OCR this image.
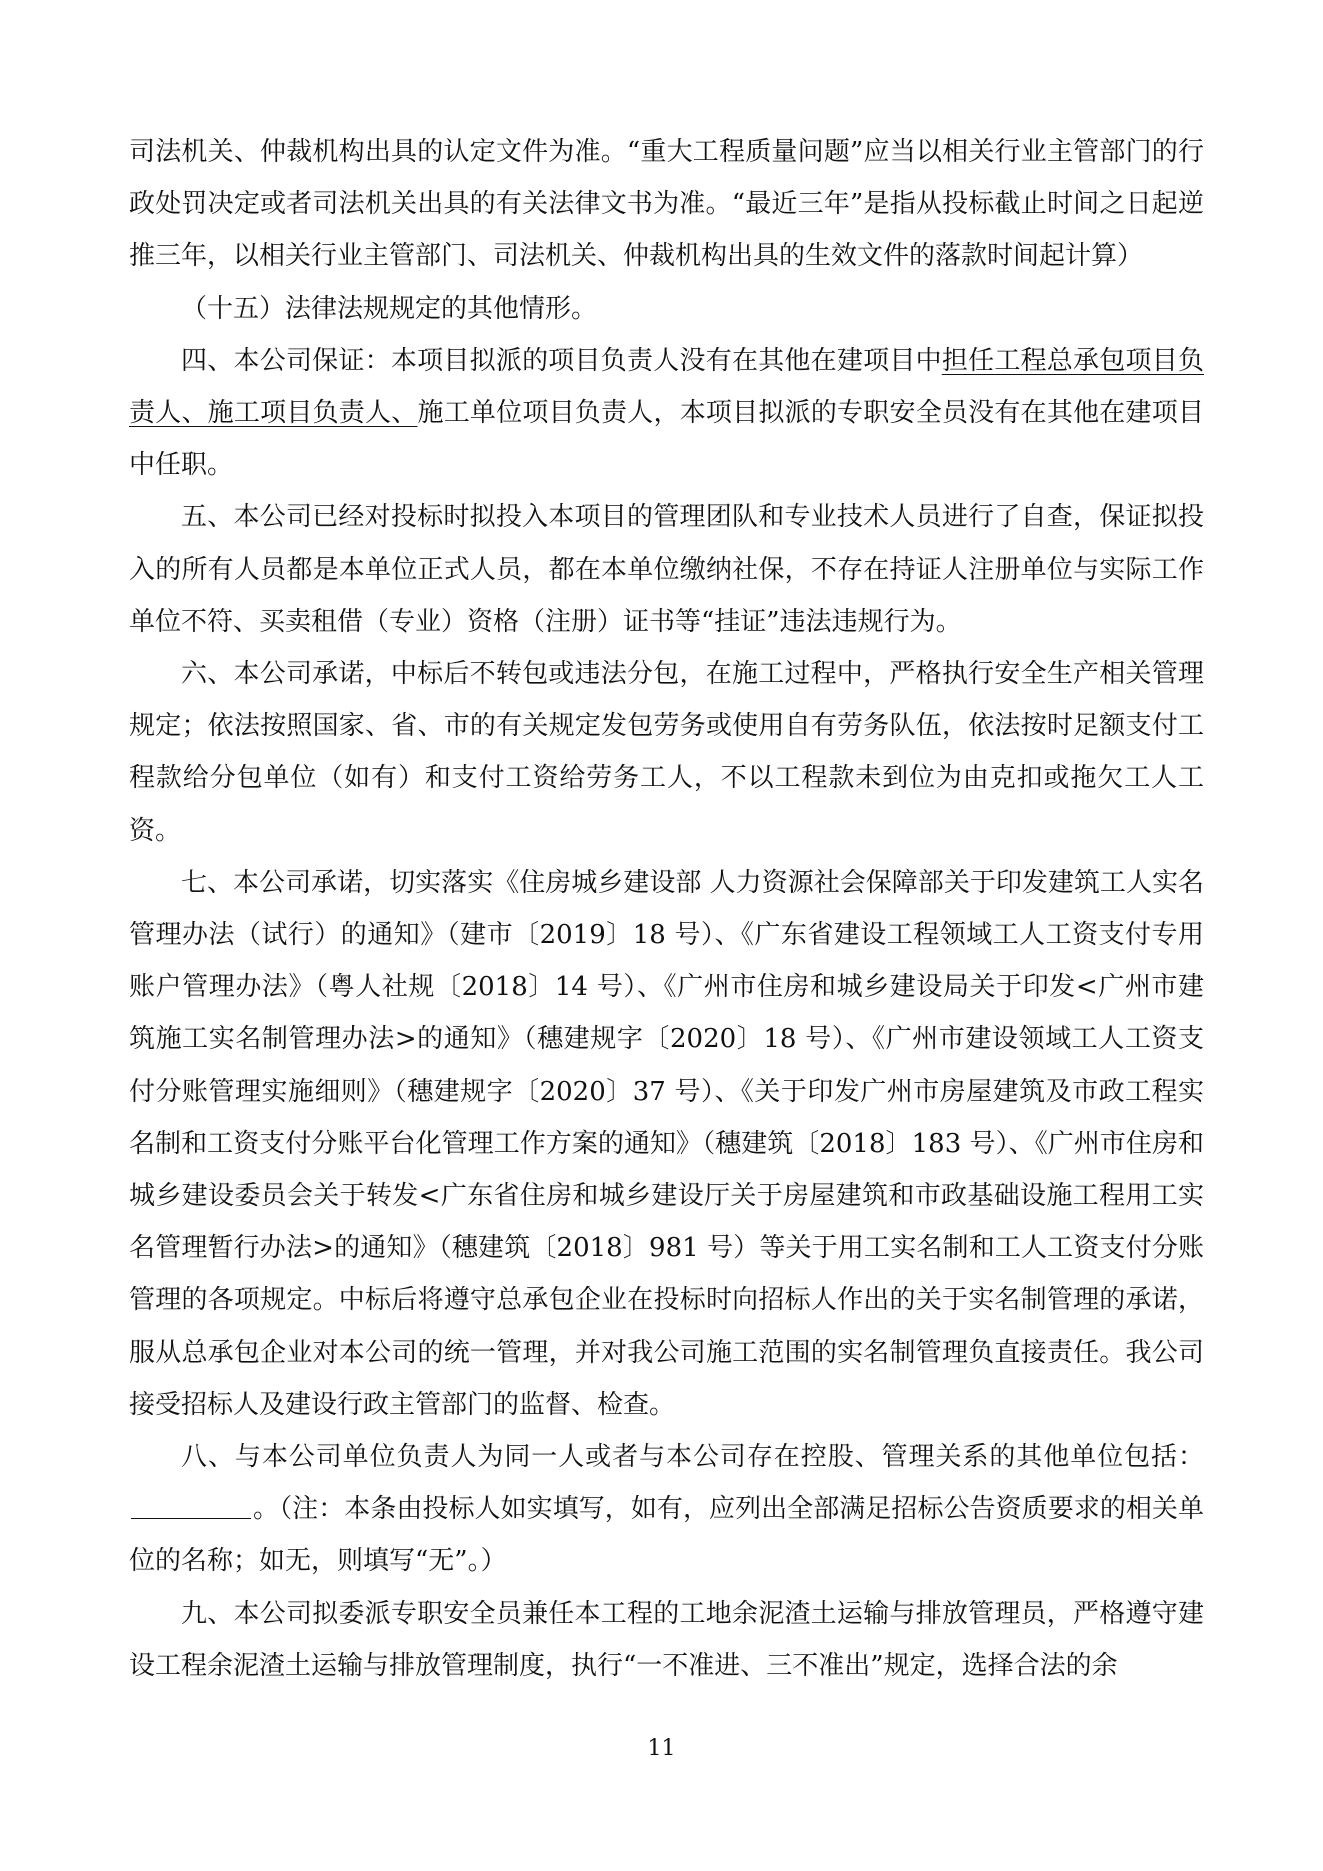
司法机关、仲裁机构出具的认定文件为准。“重大工程质量问题”应当以相关行业主管部门的行政处罚决定或者司法机关出具的有关法律文书为准。“最近三年”是指从投标截止时间之日起逆推三年，以相关行业主管部门、司法机关、仲裁机构出具的生效文件的落款时间起计算）

（十五）法律法规规定的其他情形。

四、本公司保证：本项目拟派的项目负责人没有在其他在建项目中担任工程总承包项目负责人、施工项目负责人、施工单位项目负责人，本项目拟派的专职安全员没有在其他在建项目中任职。

五、本公司已经对投标时拟投入本项目的管理团队和专业技术人员进行了自查，保证拟投入的所有人员都是本单位正式人员，都在本单位缴纳社保，不存在持证人注册单位与实际工作单位不符、买卖租借（专业）资格（注册）证书等“挂证”违法违规行为。

六、本公司承诺，中标后不转包或违法分包，在施工过程中，严格执行安全生产相关管理规定；依法按照国家、省、市的有关规定发包劳务或使用自有劳务队伍，依法按时足额支付工程款给分包单位（如有）和支付工资给劳务工人，不以工程款未到位为由克扣或拖欠工人工资。

七、本公司承诺，切实落实《住房城乡建设部 人力资源社会保障部关于印发建筑工人实名管理办法（试行）的通知》（建市〔2019〕18 号）、《广东省建设工程领域工人工资支付专用账户管理办法》（粤人社规〔2018〕14 号）、《广州市住房和城乡建设局关于印发<广州市建筑施工实名制管理办法>的通知》（穗建规字〔2020〕18 号）、《广州市建设领域工人工资支付分账管理实施细则》（穗建规字〔2020〕37 号）、《关于印发广州市房屋建筑及市政工程实名制和工资支付分账平台化管理工作方案的通知》（穗建筑〔2018〕183 号）、《广州市住房和城乡建设委员会关于转发<广东省住房和城乡建设厅关于房屋建筑和市政基础设施工程用工实名管理暂行办法>的通知》（穗建筑〔2018〕981 号）等关于用工实名制和工人工资支付分账管理的各项规定。中标后将遵守总承包企业在投标时向招标人作出的关于实名制管理的承诺，服从总承包企业对本公司的统一管理，并对我公司施工范围的实名制管理负直接责任。我公司接受招标人及建设行政主管部门的监督、检查。

八、与本公司单位负责人为同一人或者与本公司存在控股、管理关系的其他单位包括：。（注：本条由投标人如实填写，如有，应列出全部满足招标公告资质要求的相关单位的名称；如无，则填写“无”。）

九、本公司拟委派专职安全员兼任本工程的工地余泥渣土运输与排放管理员，严格遵守建设工程余泥渣土运输与排放管理制度，执行“一不准进、三不准出”规定，选择合法的余

11
